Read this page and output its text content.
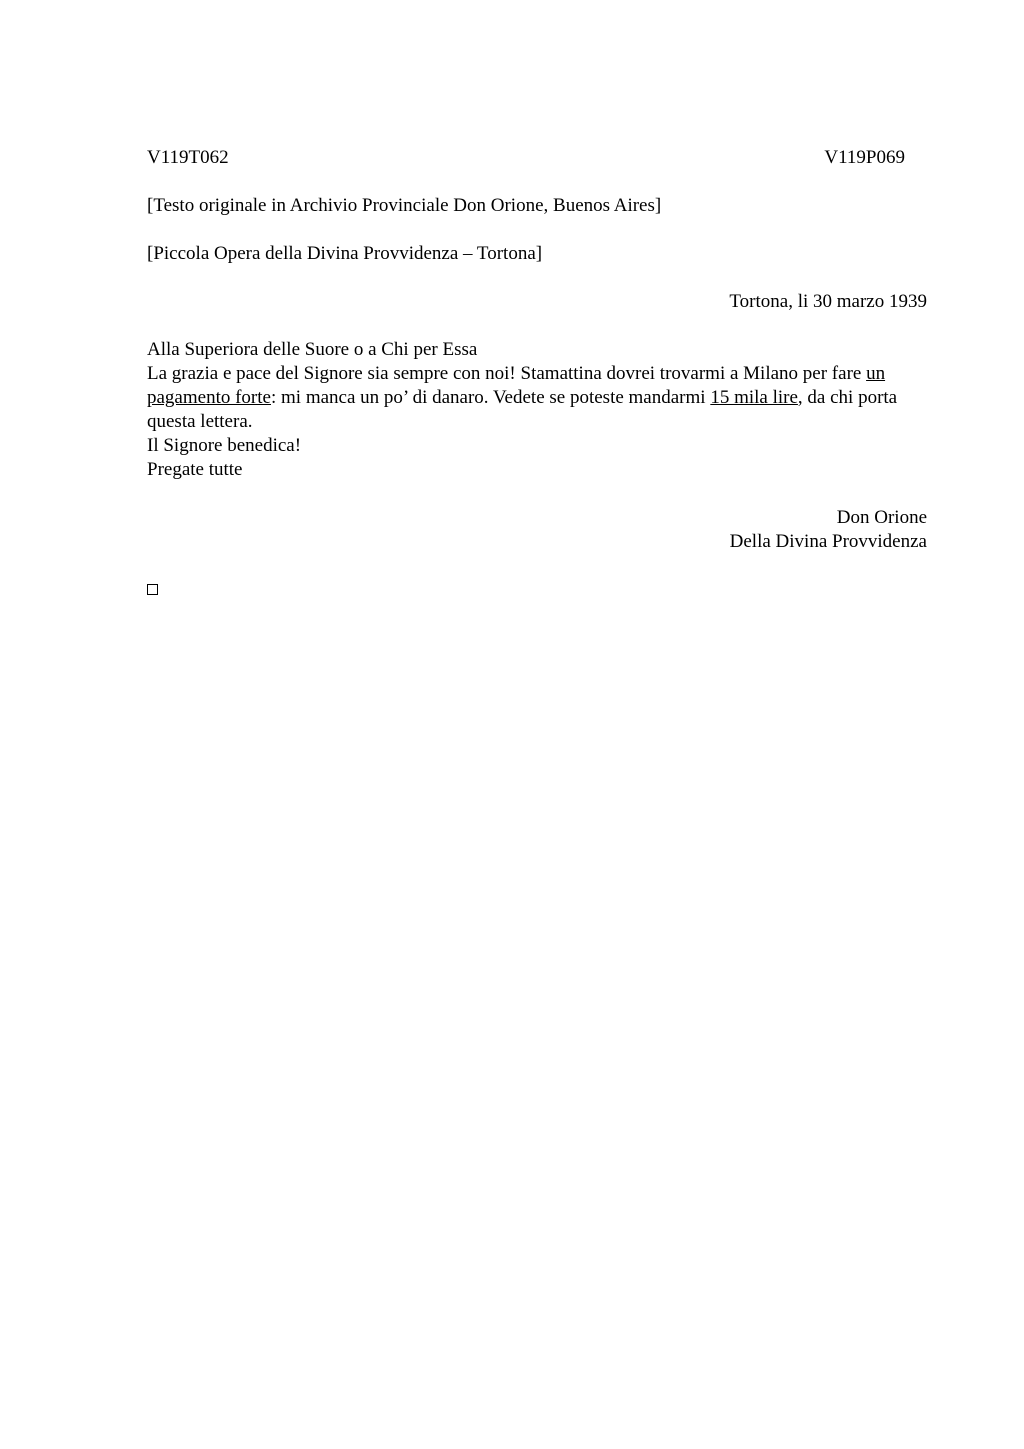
V119T062	V119P069

[Testo originale in Archivio Provinciale Don Orione, Buenos Aires]

[Piccola Opera della Divina Provvidenza – Tortona]

Tortona, li 30 marzo 1939

Alla Superiora delle Suore o a Chi per Essa

La grazia e pace del Signore sia sempre con noi! Stamattina dovrei trovarmi a Milano per fare un pagamento forte: mi manca un po’ di danaro. Vedete se poteste mandarmi 15 mila lire, da chi porta questa lettera.

Il Signore benedica!

Pregate tutte

Don Orione

Della Divina Provvidenza
